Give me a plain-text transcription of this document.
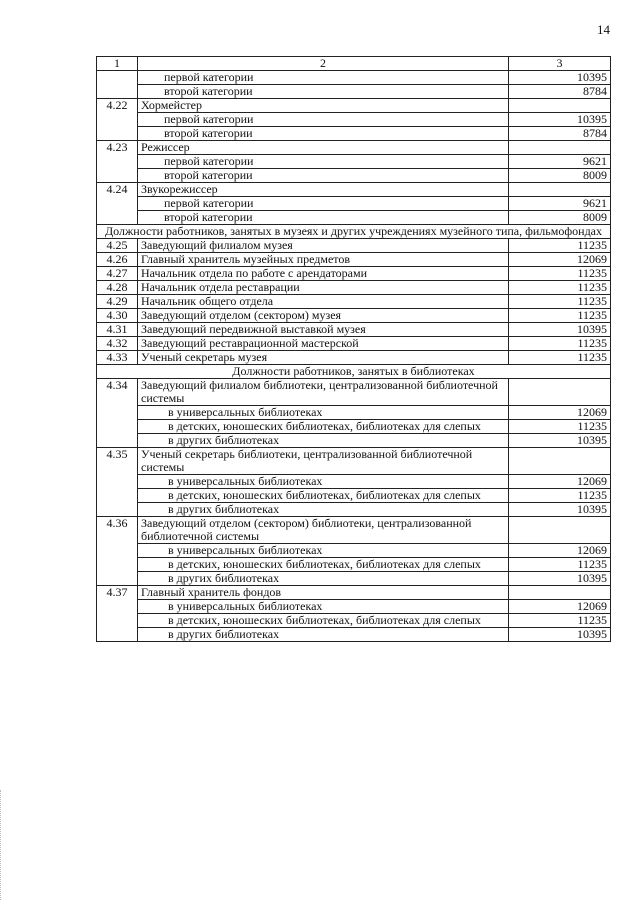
14
1	2	3
	первой категории	10395
	второй категории	8784
4.22	Хормейстер	
	первой категории	10395
	второй категории	8784
4.23	Режиссер	
	первой категории	9621
	второй категории	8009
4.24	Звукорежиссер	
	первой категории	9621
	второй категории	8009
Должности работников, занятых в музеях и других учреждениях музейного типа, фильмофондах		
4.25	Заведующий филиалом музея	11235
4.26	Главный хранитель музейных предметов	12069
4.27	Начальник отдела по работе с арендаторами	11235
4.28	Начальник отдела реставрации	11235
4.29	Начальник общего отдела	11235
4.30	Заведующий отделом (сектором) музея	11235
4.31	Заведующий передвижной выставкой музея	10395
4.32	Заведующий реставрационной мастерской	11235
4.33	Ученый секретарь музея	11235
Должности работников, занятых в библиотеках		
4.34	Заведующий филиалом библиотеки, централизованной библиотечной системы	
	в универсальных библиотеках	12069
	в детских, юношеских библиотеках, библиотеках для слепых	11235
	в других библиотеках	10395
4.35	Ученый секретарь библиотеки, централизованной библиотечной системы	
	в универсальных библиотеках	12069
	в детских, юношеских библиотеках, библиотеках для слепых	11235
	в других библиотеках	10395
4.36	Заведующий отделом (сектором) библиотеки, централизованной библиотечной системы	
	в универсальных библиотеках	12069
	в детских, юношеских библиотеках, библиотеках для слепых	11235
	в других библиотеках	10395
4.37	Главный хранитель фондов	
	в универсальных библиотеках	12069
	в детских, юношеских библиотеках, библиотеках для слепых	11235
	в других библиотеках	10395
